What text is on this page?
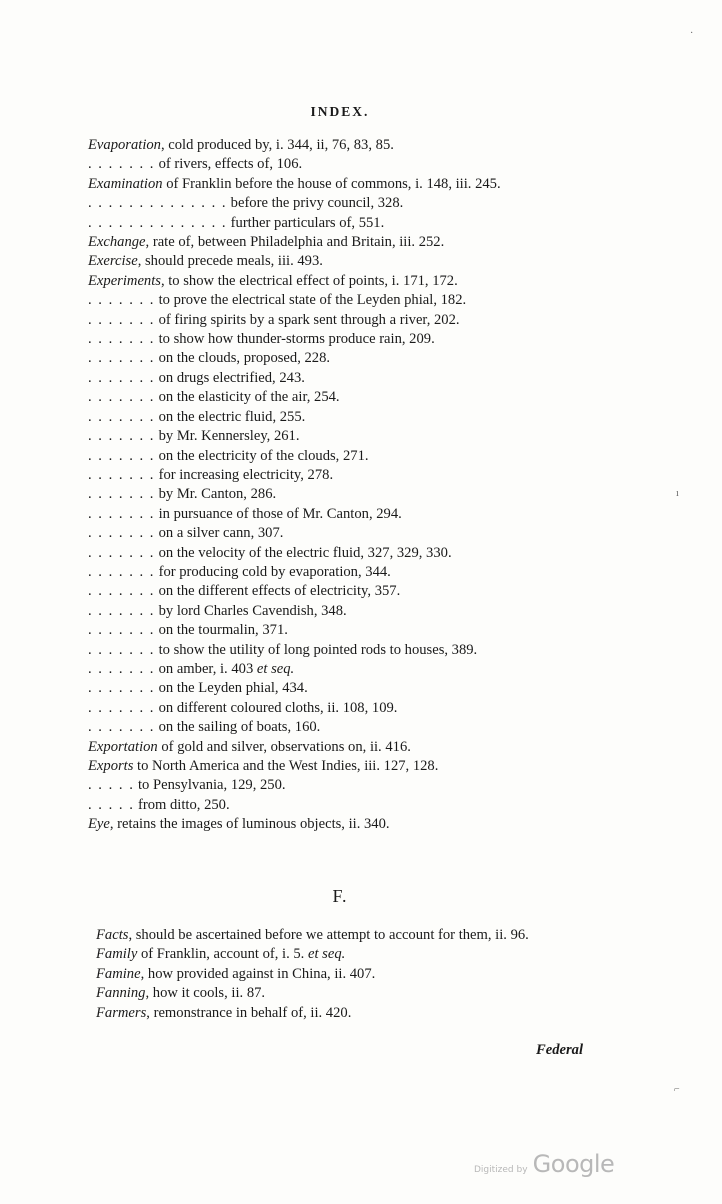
INDEX.
Evaporation, cold produced by, i. 344, ii, 76, 83, 85.
. . . . . . . of rivers, effects of, 106.
Examination of Franklin before the house of commons, i. 148, iii. 245.
. . . . . . . . . . . . . . before the privy council, 328.
. . . . . . . . . . . . . . further particulars of, 551.
Exchange, rate of, between Philadelphia and Britain, iii. 252.
Exercise, should precede meals, iii. 493.
Experiments, to show the electrical effect of points, i. 171, 172.
. . . . . . . to prove the electrical state of the Leyden phial, 182.
. . . . . . . of firing spirits by a spark sent through a river, 202.
. . . . . . . to show how thunder-storms produce rain, 209.
. . . . . . . on the clouds, proposed, 228.
. . . . . . . on drugs electrified, 243.
. . . . . . . on the elasticity of the air, 254.
. . . . . . . on the electric fluid, 255.
. . . . . . . by Mr. Kennersley, 261.
. . . . . . . on the electricity of the clouds, 271.
. . . . . . . for increasing electricity, 278.
. . . . . . . by Mr. Canton, 286.
. . . . . . . in pursuance of those of Mr. Canton, 294.
. . . . . . . on a silver cann, 307.
. . . . . . . on the velocity of the electric fluid, 327, 329, 330.
. . . . . . . for producing cold by evaporation, 344.
. . . . . . . on the different effects of electricity, 357.
. . . . . . . by lord Charles Cavendish, 348.
. . . . . . . on the tourmalin, 371.
. . . . . . . to show the utility of long pointed rods to houses, 389.
. . . . . . . on amber, i. 403 et seq.
. . . . . . . on the Leyden phial, 434.
. . . . . . . on different coloured cloths, ii. 108, 109.
. . . . . . . on the sailing of boats, 160.
Exportation of gold and silver, observations on, ii. 416.
Exports to North America and the West Indies, iii. 127, 128.
. . . . . to Pensylvania, 129, 250.
. . . . . from ditto, 250.
Eye, retains the images of luminous objects, ii. 340.
F.
Facts, should be ascertained before we attempt to account for them, ii. 96.
Family of Franklin, account of, i. 5. et seq.
Famine, how provided against in China, ii. 407.
Fanning, how it cools, ii. 87.
Farmers, remonstrance in behalf of, ii. 420.
Federal
Digitized by Google
·
ı
⌐
